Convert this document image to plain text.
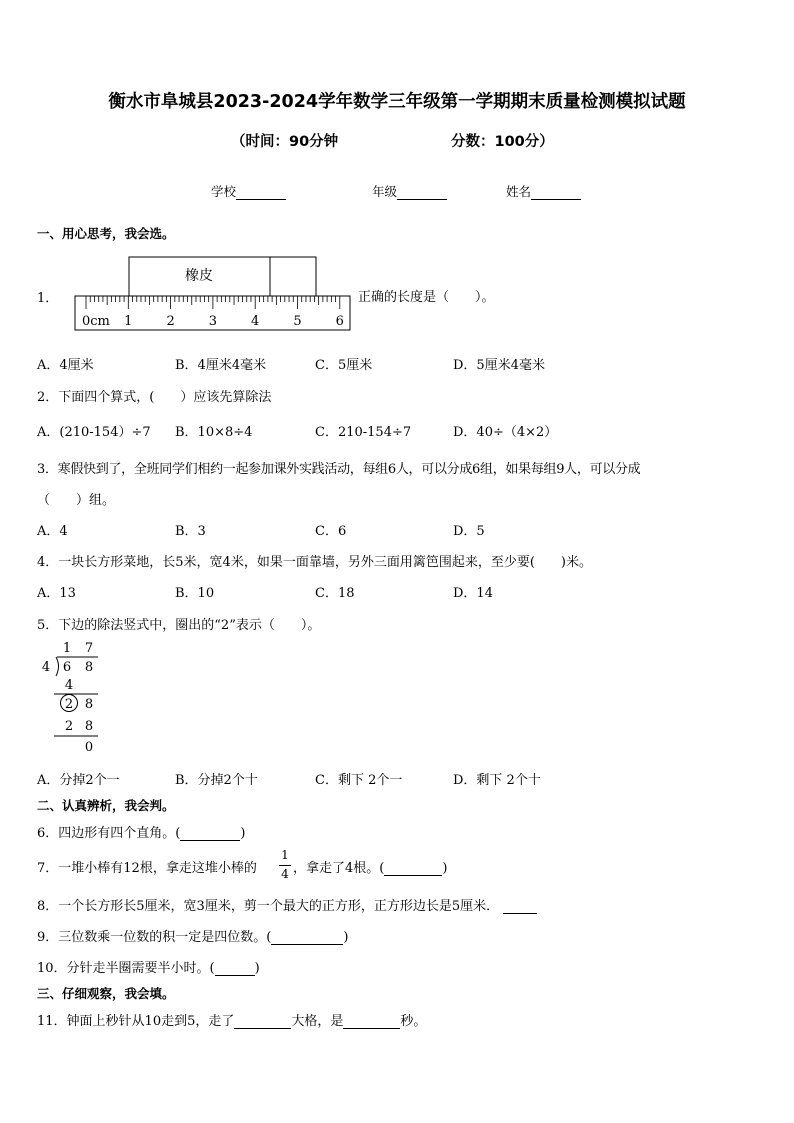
衡水市阜城县2023-2024学年数学三年级第一学期期末质量检测模拟试题
（时间：90分钟	分数：100分）
学校	年级	姓名
一、用心思考，我会选。
1．
橡皮
0cm 1	2	3	4	5	6
正确的长度是（　　）。
A．4厘米	B．4厘米4毫米	C．5厘米	D．5厘米4毫米
2．下面四个算式，(　　）应该先算除法
A．(210-154）÷7 B．10×8÷4	C．210-154÷7	D．40÷（4×2）
3．寒假快到了，全班同学们相约一起参加课外实践活动，每组6人，可以分成6组，如果每组9人，可以分成
（　　）组。
A．4	B．3	C．6	D．5
4．一块长方形菜地，长5米，宽4米，如果一面靠墙，另外三面用篱笆围起来，至少要(　　)米。
A．13	B．10	C．18	D．14
5．下边的除法竖式中，圈出的“2”表示（　　）。
1 7
4 6 8
4
2 8
2 8
0
A．分掉2个一	B．分掉2个十	C．剩下 2个一	D．剩下 2个十
二、认真辨析，我会判。
6．四边形有四个直角。(	)
7．一堆小棒有12根，拿走这堆小棒的
1
4 ，拿走了4根。(	)
8．一个长方形长5厘米，宽3厘米，剪一个最大的正方形，正方形边长是5厘米．
9．三位数乘一位数的积一定是四位数。(	)
10．分针走半圈需要半小时。(	)
三、仔细观察，我会填。
11．钟面上秒针从10走到5，走了	大格，是	秒。
